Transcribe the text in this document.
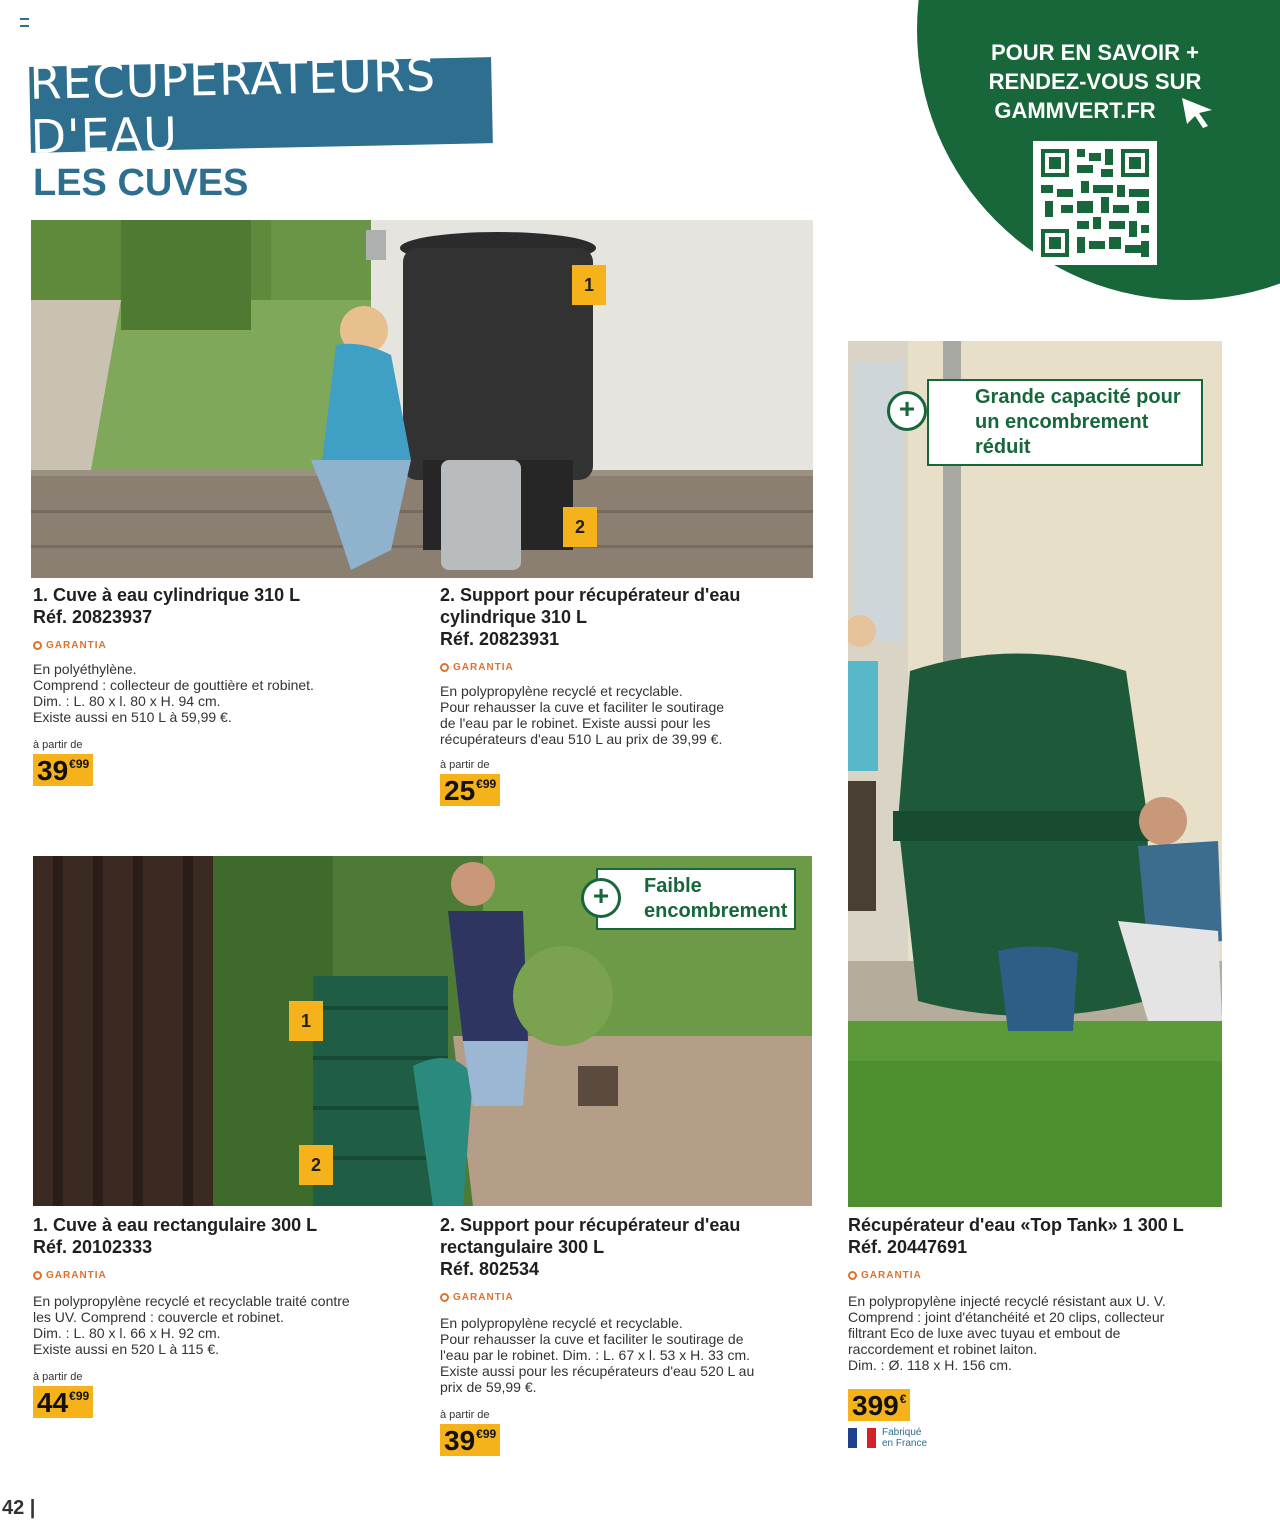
RÉCUPERATEURS D'EAU
LES CUVES
POUR EN SAVOIR +
RENDEZ-VOUS SUR
GAMMVERT.FR
1
2
1. Cuve à eau cylindrique 310 L
Réf. 20823937
GARANTIA
En polyéthylène.
Comprend : collecteur de gouttière et robinet.
Dim. : L. 80 x l. 80 x H. 94 cm.
Existe aussi en 510 L à 59,99 €.
à partir de
$39^{€99}$
2. Support pour récupérateur d'eau cylindrique 310 L
Réf. 20823931
GARANTIA
En polypropylène recyclé et recyclable.
Pour rehausser la cuve et faciliter le soutirage
de l'eau par le robinet. Existe aussi pour les
récupérateurs d'eau 510 L au prix de 39,99 €.
à partir de
$25^{€99}$
Grande capacité pour un encombrement réduit
+
1
2
Faible encombrement
+
1. Cuve à eau rectangulaire 300 L
Réf. 20102333
GARANTIA
En polypropylène recyclé et recyclable traité contre
les UV. Comprend : couvercle et robinet.
Dim. : L. 80 x l. 66 x H. 92 cm.
Existe aussi en 520 L à 115 €.
à partir de
$44^{€99}$
2. Support pour récupérateur d'eau rectangulaire 300 L
Réf. 802534
GARANTIA
En polypropylène recyclé et recyclable.
Pour rehausser la cuve et faciliter le soutirage de
l'eau par le robinet. Dim. : L. 67 x l. 53 x H. 33 cm.
Existe aussi pour les récupérateurs d'eau 520 L au
prix de 59,99 €.
à partir de
$39^{€99}$
Récupérateur d'eau «Top Tank» 1 300 L
Réf. 20447691
GARANTIA
En polypropylène injecté recyclé résistant aux U. V.
Comprend : joint d'étanchéité et 20 clips, collecteur
filtrant Eco de luxe avec tuyau et embout de
raccordement et robinet laiton.
Dim. : Ø. 118 x H. 156 cm.
399€
Fabriqué
en France
42 |
